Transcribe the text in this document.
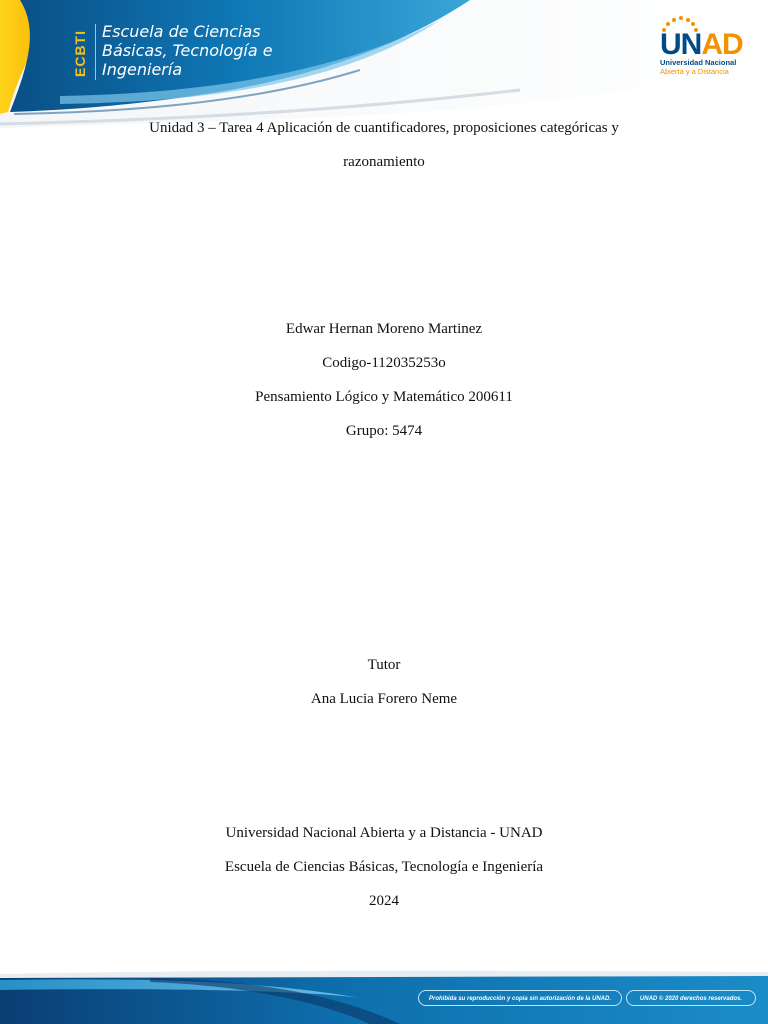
ECBTI Escuela de Ciencias
Básicas, Tecnología e
Ingeniería
UNAD
Universidad Nacional
Abierta y a Distancia
Unidad 3 – Tarea 4 Aplicación de cuantificadores, proposiciones categóricas y
razonamiento
Edwar Hernan Moreno Martinez
Codigo-112035253o
Pensamiento Lógico y Matemático 200611
Grupo: 5474
Tutor
Ana Lucia Forero Neme
Universidad Nacional Abierta y a Distancia - UNAD
Escuela de Ciencias Básicas, Tecnología e Ingeniería
2024
Prohibida su reproducción y copia sin autorización de la UNAD.	UNAD © 2020 derechos reservados.
